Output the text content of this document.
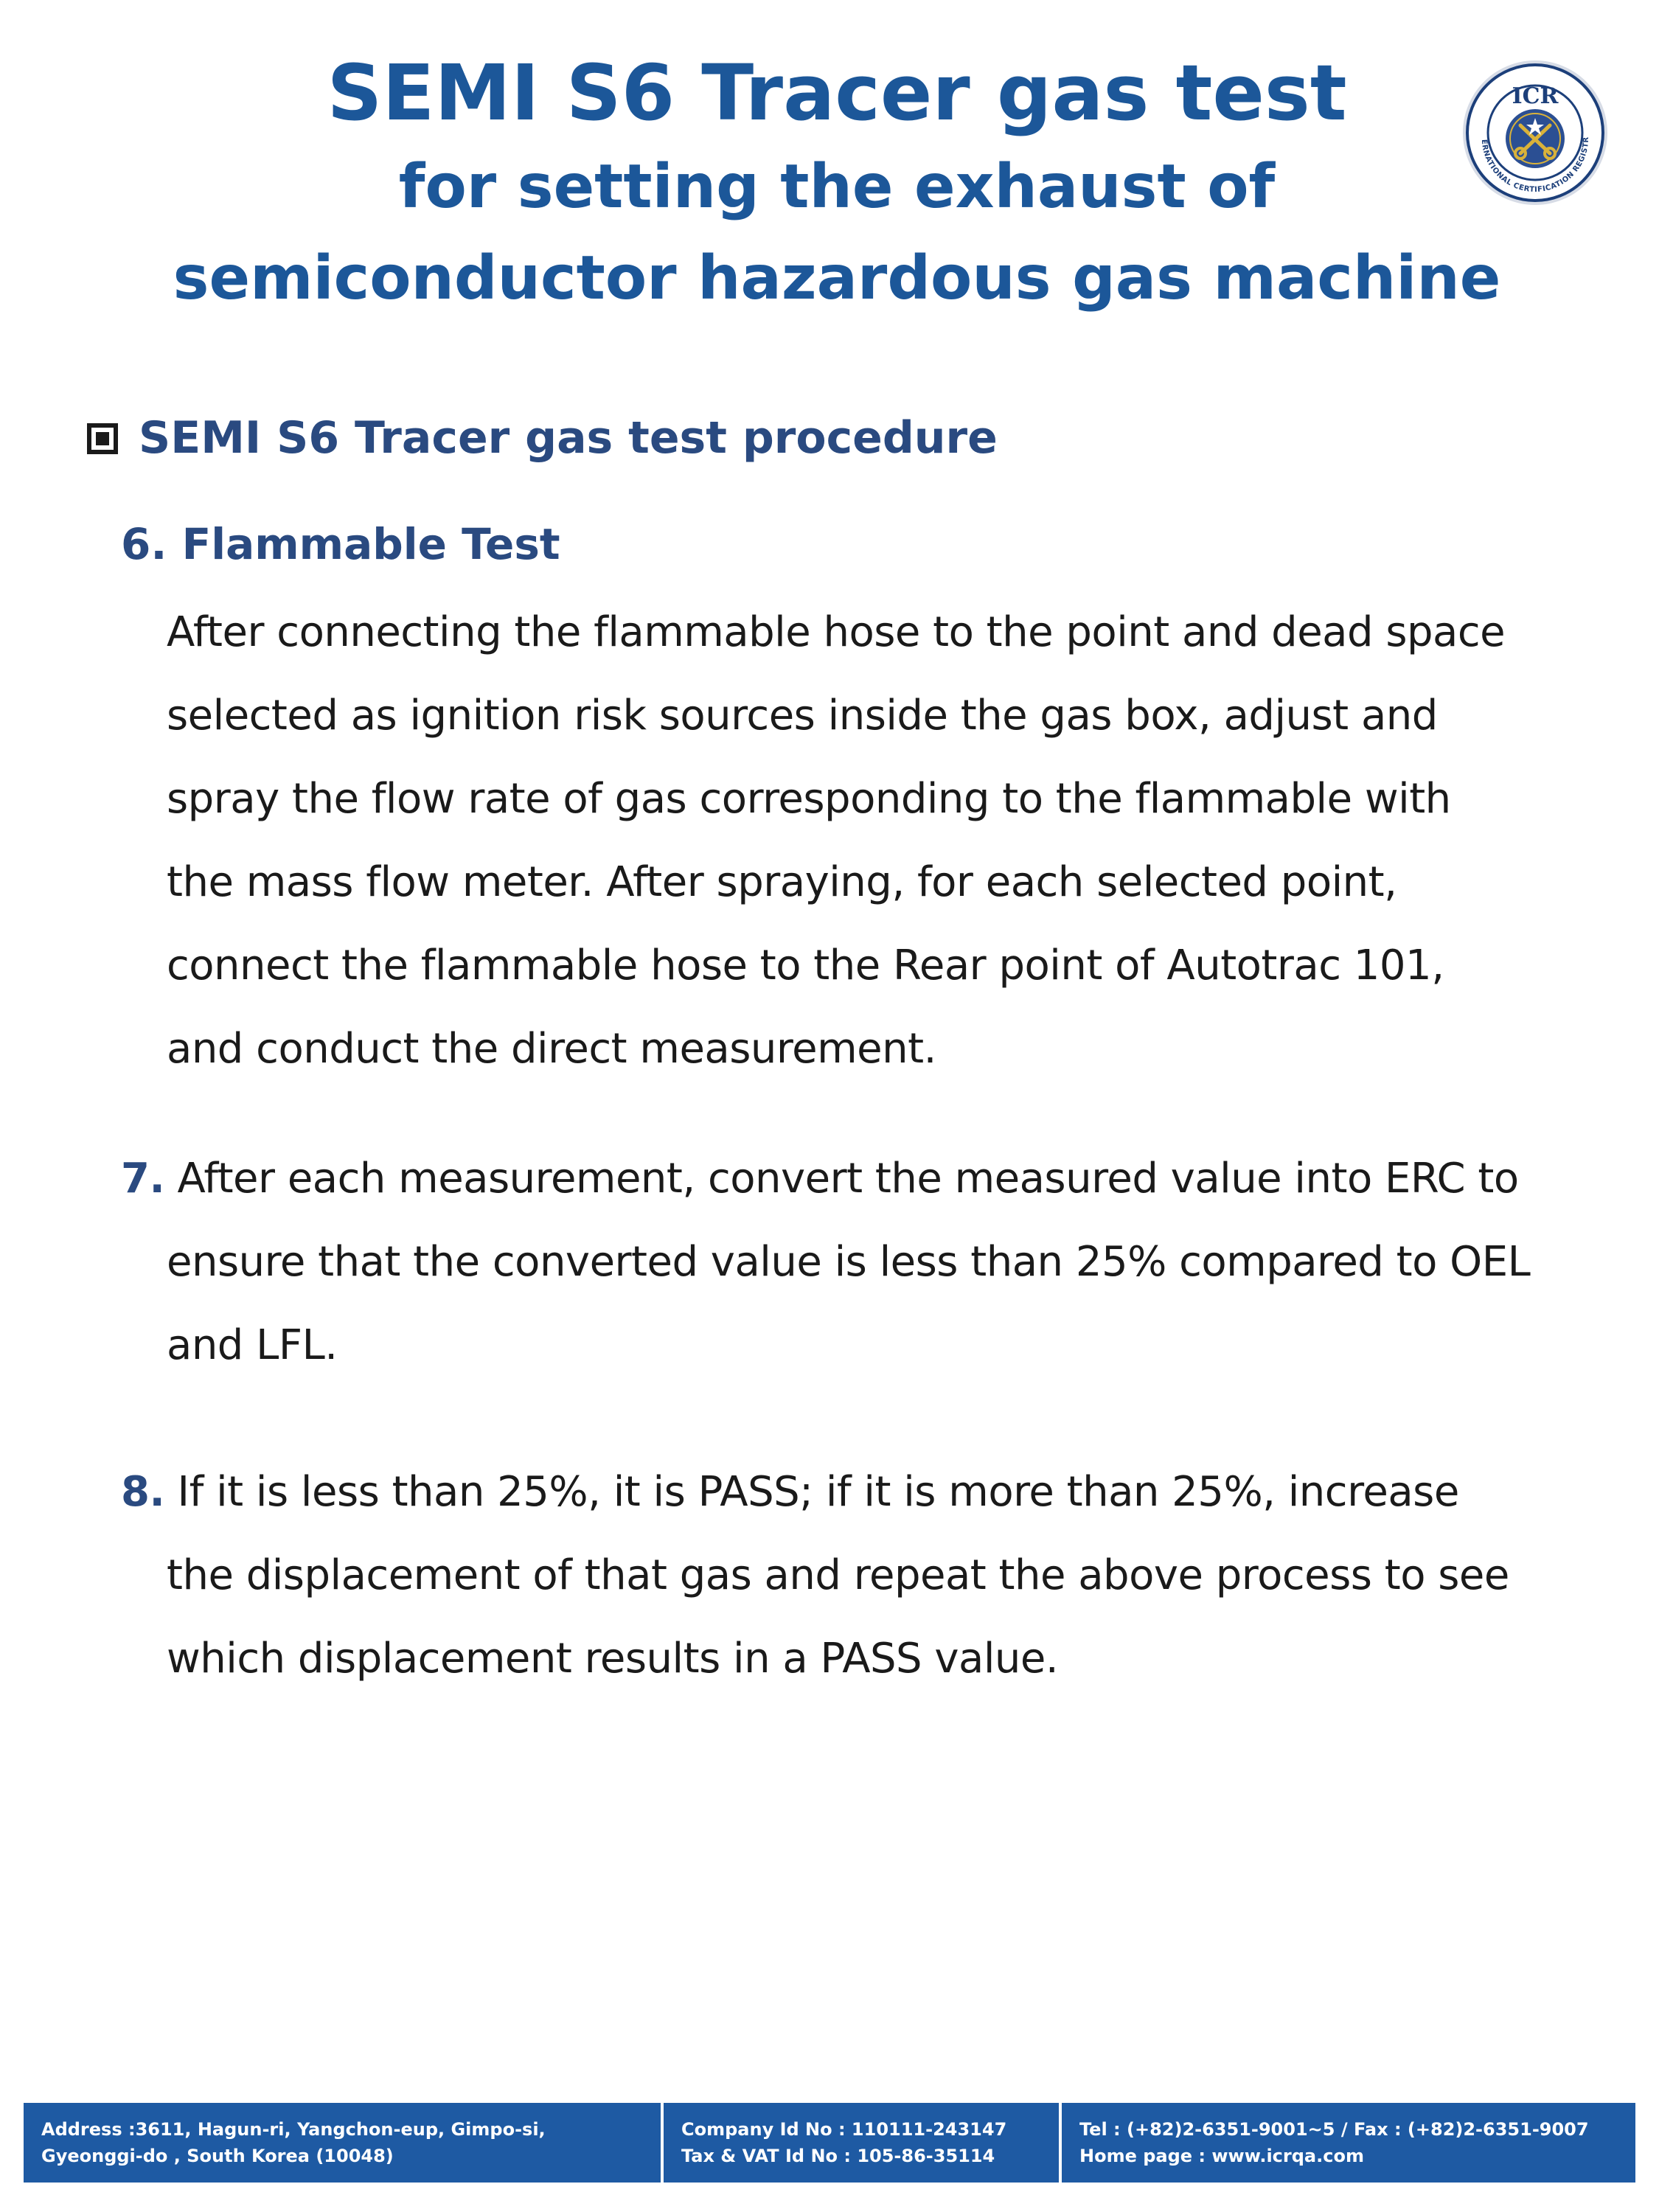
SEMI S6 Tracer gas test

for setting the exhaust of

semiconductor hazardous gas machine

ICR
ERNATIONAL CERTIFICATION REGISTR
SEMI S6 Tracer gas test procedure
6. Flammable Test
After connecting the flammable hose to the point and dead space
selected as ignition risk sources inside the gas box, adjust and
spray the flow rate of gas corresponding to the flammable with
the mass flow meter. After spraying, for each selected point,
connect the flammable hose to the Rear point of Autotrac 101,
and conduct the direct measurement.
7. After each measurement, convert the measured value into ERC to
ensure that the converted value is less than 25% compared to OEL
and LFL.
8. If it is less than 25%, it is PASS; if it is more than 25%, increase
the displacement of that gas and repeat the above process to see
which displacement results in a PASS value.
Address :3611, Hagun-ri, Yangchon-eup, Gimpo-si,
Gyeonggi-do , South Korea (10048)
Company Id No : 110111-243147
Tax & VAT Id No : 105-86-35114
Tel : (+82)2-6351-9001~5 / Fax : (+82)2-6351-9007
Home page : www.icrqa.com
